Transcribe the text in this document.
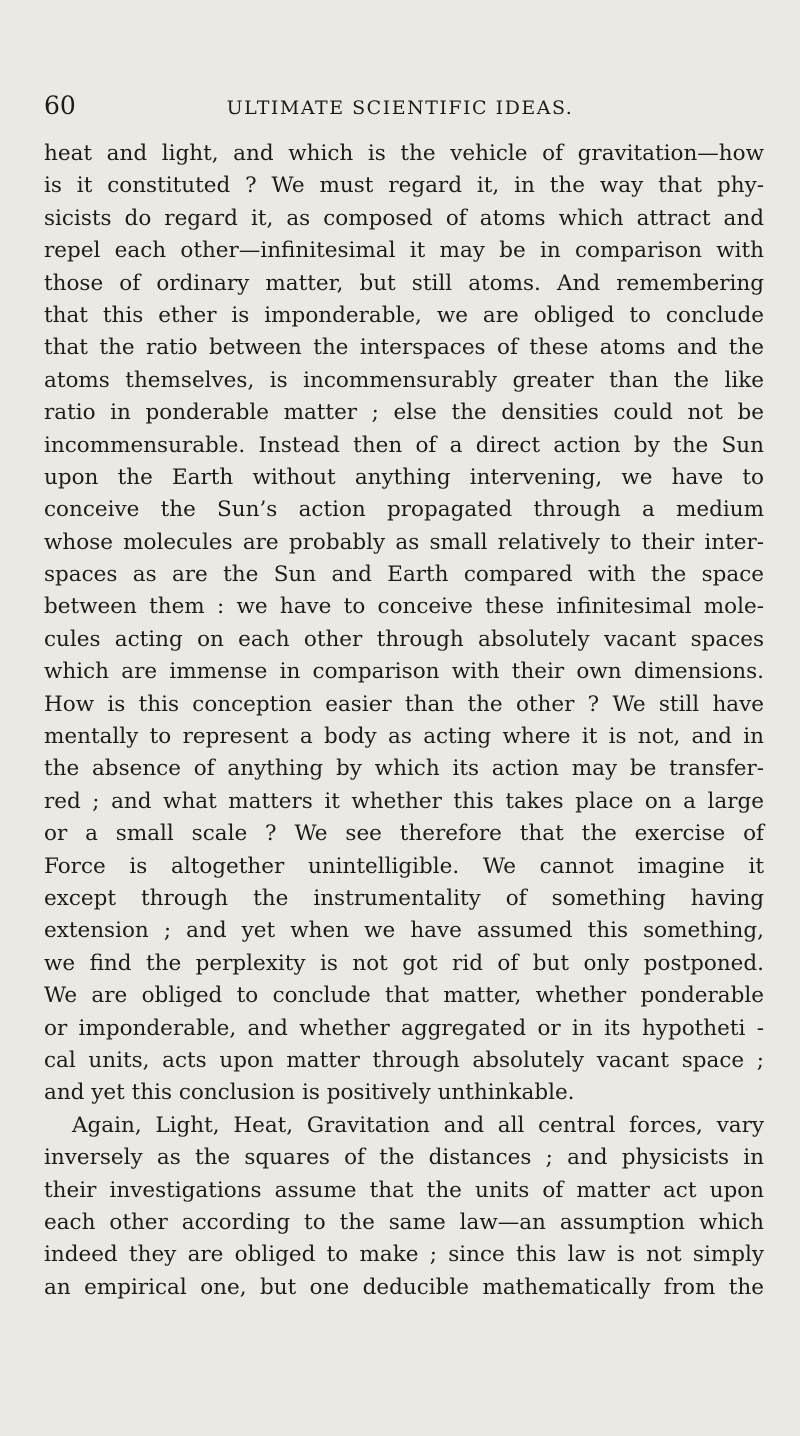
60	ULTIMATE SCIENTIFIC IDEAS.
heat and light, and which is the vehicle of gravitation—how
is it constituted ? We must regard it, in the way that phy-
sicists do regard it, as composed of atoms which attract and
repel each other—infinitesimal it may be in comparison with
those of ordinary matter, but still atoms. And remembering
that this ether is imponderable, we are obliged to conclude
that the ratio between the interspaces of these atoms and the
atoms themselves, is incommensurably greater than the like
ratio in ponderable matter ; else the densities could not be
incommensurable. Instead then of a direct action by the Sun
upon the Earth without anything intervening, we have to
conceive the Sun’s action propagated through a medium
whose molecules are probably as small relatively to their inter-
spaces as are the Sun and Earth compared with the space
between them : we have to conceive these infinitesimal mole-
cules acting on each other through absolutely vacant spaces
which are immense in comparison with their own dimensions.
How is this conception easier than the other ? We still have
mentally to represent a body as acting where it is not, and in
the absence of anything by which its action may be transfer-
red ; and what matters it whether this takes place on a large
or a small scale ? We see therefore that the exercise of
Force is altogether unintelligible. We cannot imagine it
except through the instrumentality of something having
extension ; and yet when we have assumed this something,
we find the perplexity is not got rid of but only postponed.
We are obliged to conclude that matter, whether ponderable
or imponderable, and whether aggregated or in its hypotheti -
cal units, acts upon matter through absolutely vacant space ;
and yet this conclusion is positively unthinkable.
Again, Light, Heat, Gravitation and all central forces, vary
inversely as the squares of the distances ; and physicists in
their investigations assume that the units of matter act upon
each other according to the same law—an assumption which
indeed they are obliged to make ; since this law is not simply
an empirical one, but one deducible mathematically from the
